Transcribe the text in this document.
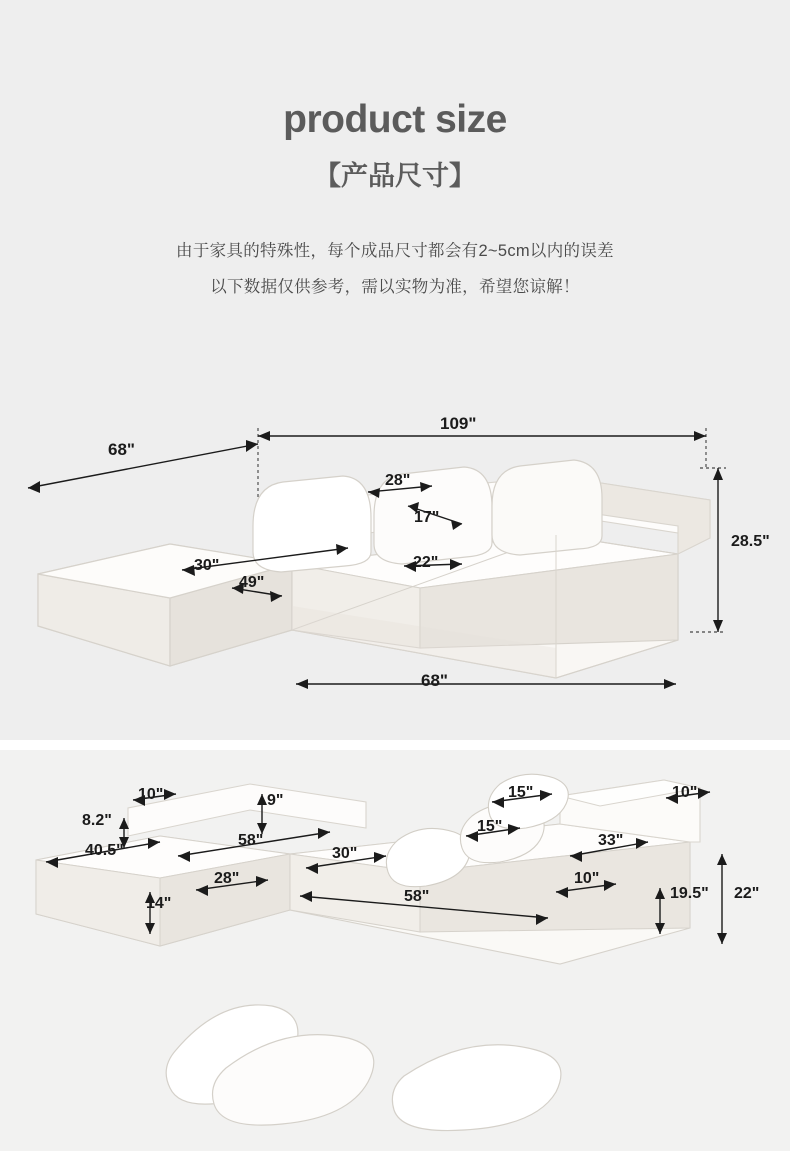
product size
【产品尺寸】
由于家具的特殊性，每个成品尺寸都会有2~5cm以内的误差
以下数据仅供参考，需以实物为准，希望您谅解！
68"
109"
28"
17"
30"
49"
22"
28.5"
68"
10"	9"
8.2"
40.5"
58"
30"
15"
15"
10"
33"
28"
14"	58"
10"
19.5" 22"
